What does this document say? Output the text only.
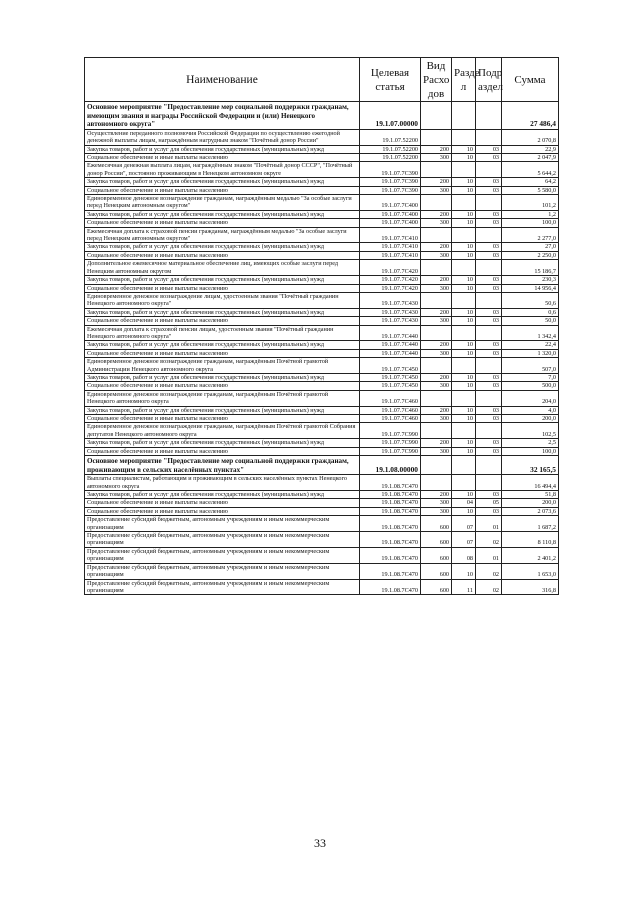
Наименование	Целевая статья	Вид Расхо дов	Разде л	Подр аздел	Сумма
Основное мероприятие "Предоставление мер социальной поддержки гражданам, имеющим звания и награды Российской Федерации и (или) Ненецкого автономного округа"	19.1.07.00000				27 486,4
Осуществление переданного полномочия Российской Федерации по осуществлению ежегодной денежной выплаты лицам, награждённым нагрудным знаком "Почётный донор России"	19.1.07.52200				2 070,8
Закупка товаров, работ и услуг для обеспечения государственных (муниципальных) нужд	19.1.07.52200	200	10	03	22,9
Социальное обеспечение и иные выплаты населению	19.1.07.52200	300	10	03	2 047,9
Ежемесячная денежная выплата лицам, награждённым знаком "Почётный донор СССР", "Почётный донор России", постоянно проживающим в Ненецком автономном округе	19.1.07.7С390				5 644,2
Закупка товаров, работ и услуг для обеспечения государственных (муниципальных) нужд	19.1.07.7С390	200	10	03	64,2
Социальное обеспечение и иные выплаты населению	19.1.07.7С390	300	10	03	5 580,0
Единовременное денежное вознаграждение гражданам, награждённым медалью "За особые заслуги перед Ненецким автономным округом"	19.1.07.7С400				101,2
Закупка товаров, работ и услуг для обеспечения государственных (муниципальных) нужд	19.1.07.7С400	200	10	03	1,2
Социальное обеспечение и иные выплаты населению	19.1.07.7С400	300	10	03	100,0
Ежемесячная доплата к страховой пенсии гражданам, награждённым медалью "За особые заслуги перед Ненецким автономным округом"	19.1.07.7С410				2 277,0
Закупка товаров, работ и услуг для обеспечения государственных (муниципальных) нужд	19.1.07.7С410	200	10	03	27,0
Социальное обеспечение и иные выплаты населению	19.1.07.7С410	300	10	03	2 250,0
Дополнительное ежемесячное материальное обеспечение лиц, имеющих особые заслуги перед Ненецким автономным округом	19.1.07.7С420				15 186,7
Закупка товаров, работ и услуг для обеспечения государственных (муниципальных) нужд	19.1.07.7С420	200	10	03	230,3
Социальное обеспечение и иные выплаты населению	19.1.07.7С420	300	10	03	14 956,4
Единовременное денежное вознаграждение лицам, удостоенным звания "Почётный гражданин Ненецкого автономного округа"	19.1.07.7С430				50,6
Закупка товаров, работ и услуг для обеспечения государственных (муниципальных) нужд	19.1.07.7С430	200	10	03	0,6
Социальное обеспечение и иные выплаты населению	19.1.07.7С430	300	10	03	50,0
Ежемесячная доплата к страховой пенсии лицам, удостоенным звания "Почётный гражданин Ненецкого автономного округа"	19.1.07.7С440				1 342,4
Закупка товаров, работ и услуг для обеспечения государственных (муниципальных) нужд	19.1.07.7С440	200	10	03	22,4
Социальное обеспечение и иные выплаты населению	19.1.07.7С440	300	10	03	1 320,0
Единовременное денежное вознаграждение гражданам, награждённым Почётной грамотой Администрации Ненецкого автономного округа	19.1.07.7С450				507,0
Закупка товаров, работ и услуг для обеспечения государственных (муниципальных) нужд	19.1.07.7С450	200	10	03	7,0
Социальное обеспечение и иные выплаты населению	19.1.07.7С450	300	10	03	500,0
Единовременное денежное вознаграждение гражданам, награждённым Почётной грамотой Ненецкого автономного округа	19.1.07.7С460				204,0
Закупка товаров, работ и услуг для обеспечения государственных (муниципальных) нужд	19.1.07.7С460	200	10	03	4,0
Социальное обеспечение и иные выплаты населению	19.1.07.7С460	300	10	03	200,0
Единовременное денежное вознаграждение гражданам, награждённым Почётной грамотой Собрания депутатов Ненецкого автономного округа	19.1.07.7С990				102,5
Закупка товаров, работ и услуг для обеспечения государственных (муниципальных) нужд	19.1.07.7С990	200	10	03	2,5
Социальное обеспечение и иные выплаты населению	19.1.07.7С990	300	10	03	100,0
Основное мероприятие "Предоставление мер социальной поддержки гражданам, проживающим в сельских населённых пунктах"	19.1.08.00000				32 165,5
Выплаты специалистам, работающим и проживающим в сельских населённых пунктах Ненецкого автономного округа	19.1.08.7С470				16 494,4
Закупка товаров, работ и услуг для обеспечения государственных (муниципальных) нужд	19.1.08.7С470	200	10	03	51,8
Социальное обеспечение и иные выплаты населению	19.1.08.7С470	300	04	05	200,0
Социальное обеспечение и иные выплаты населению	19.1.08.7С470	300	10	03	2 073,6
Предоставление субсидий бюджетным, автономным учреждениям и иным некоммерческим организациям	19.1.08.7С470	600	07	01	1 687,2
Предоставление субсидий бюджетным, автономным учреждениям и иным некоммерческим организациям	19.1.08.7С470	600	07	02	8 110,8
Предоставление субсидий бюджетным, автономным учреждениям и иным некоммерческим организациям	19.1.08.7С470	600	08	01	2 401,2
Предоставление субсидий бюджетным, автономным учреждениям и иным некоммерческим организациям	19.1.08.7С470	600	10	02	1 653,0
Предоставление субсидий бюджетным, автономным учреждениям и иным некоммерческим организациям	19.1.08.7С470	600	11	02	316,8
33
